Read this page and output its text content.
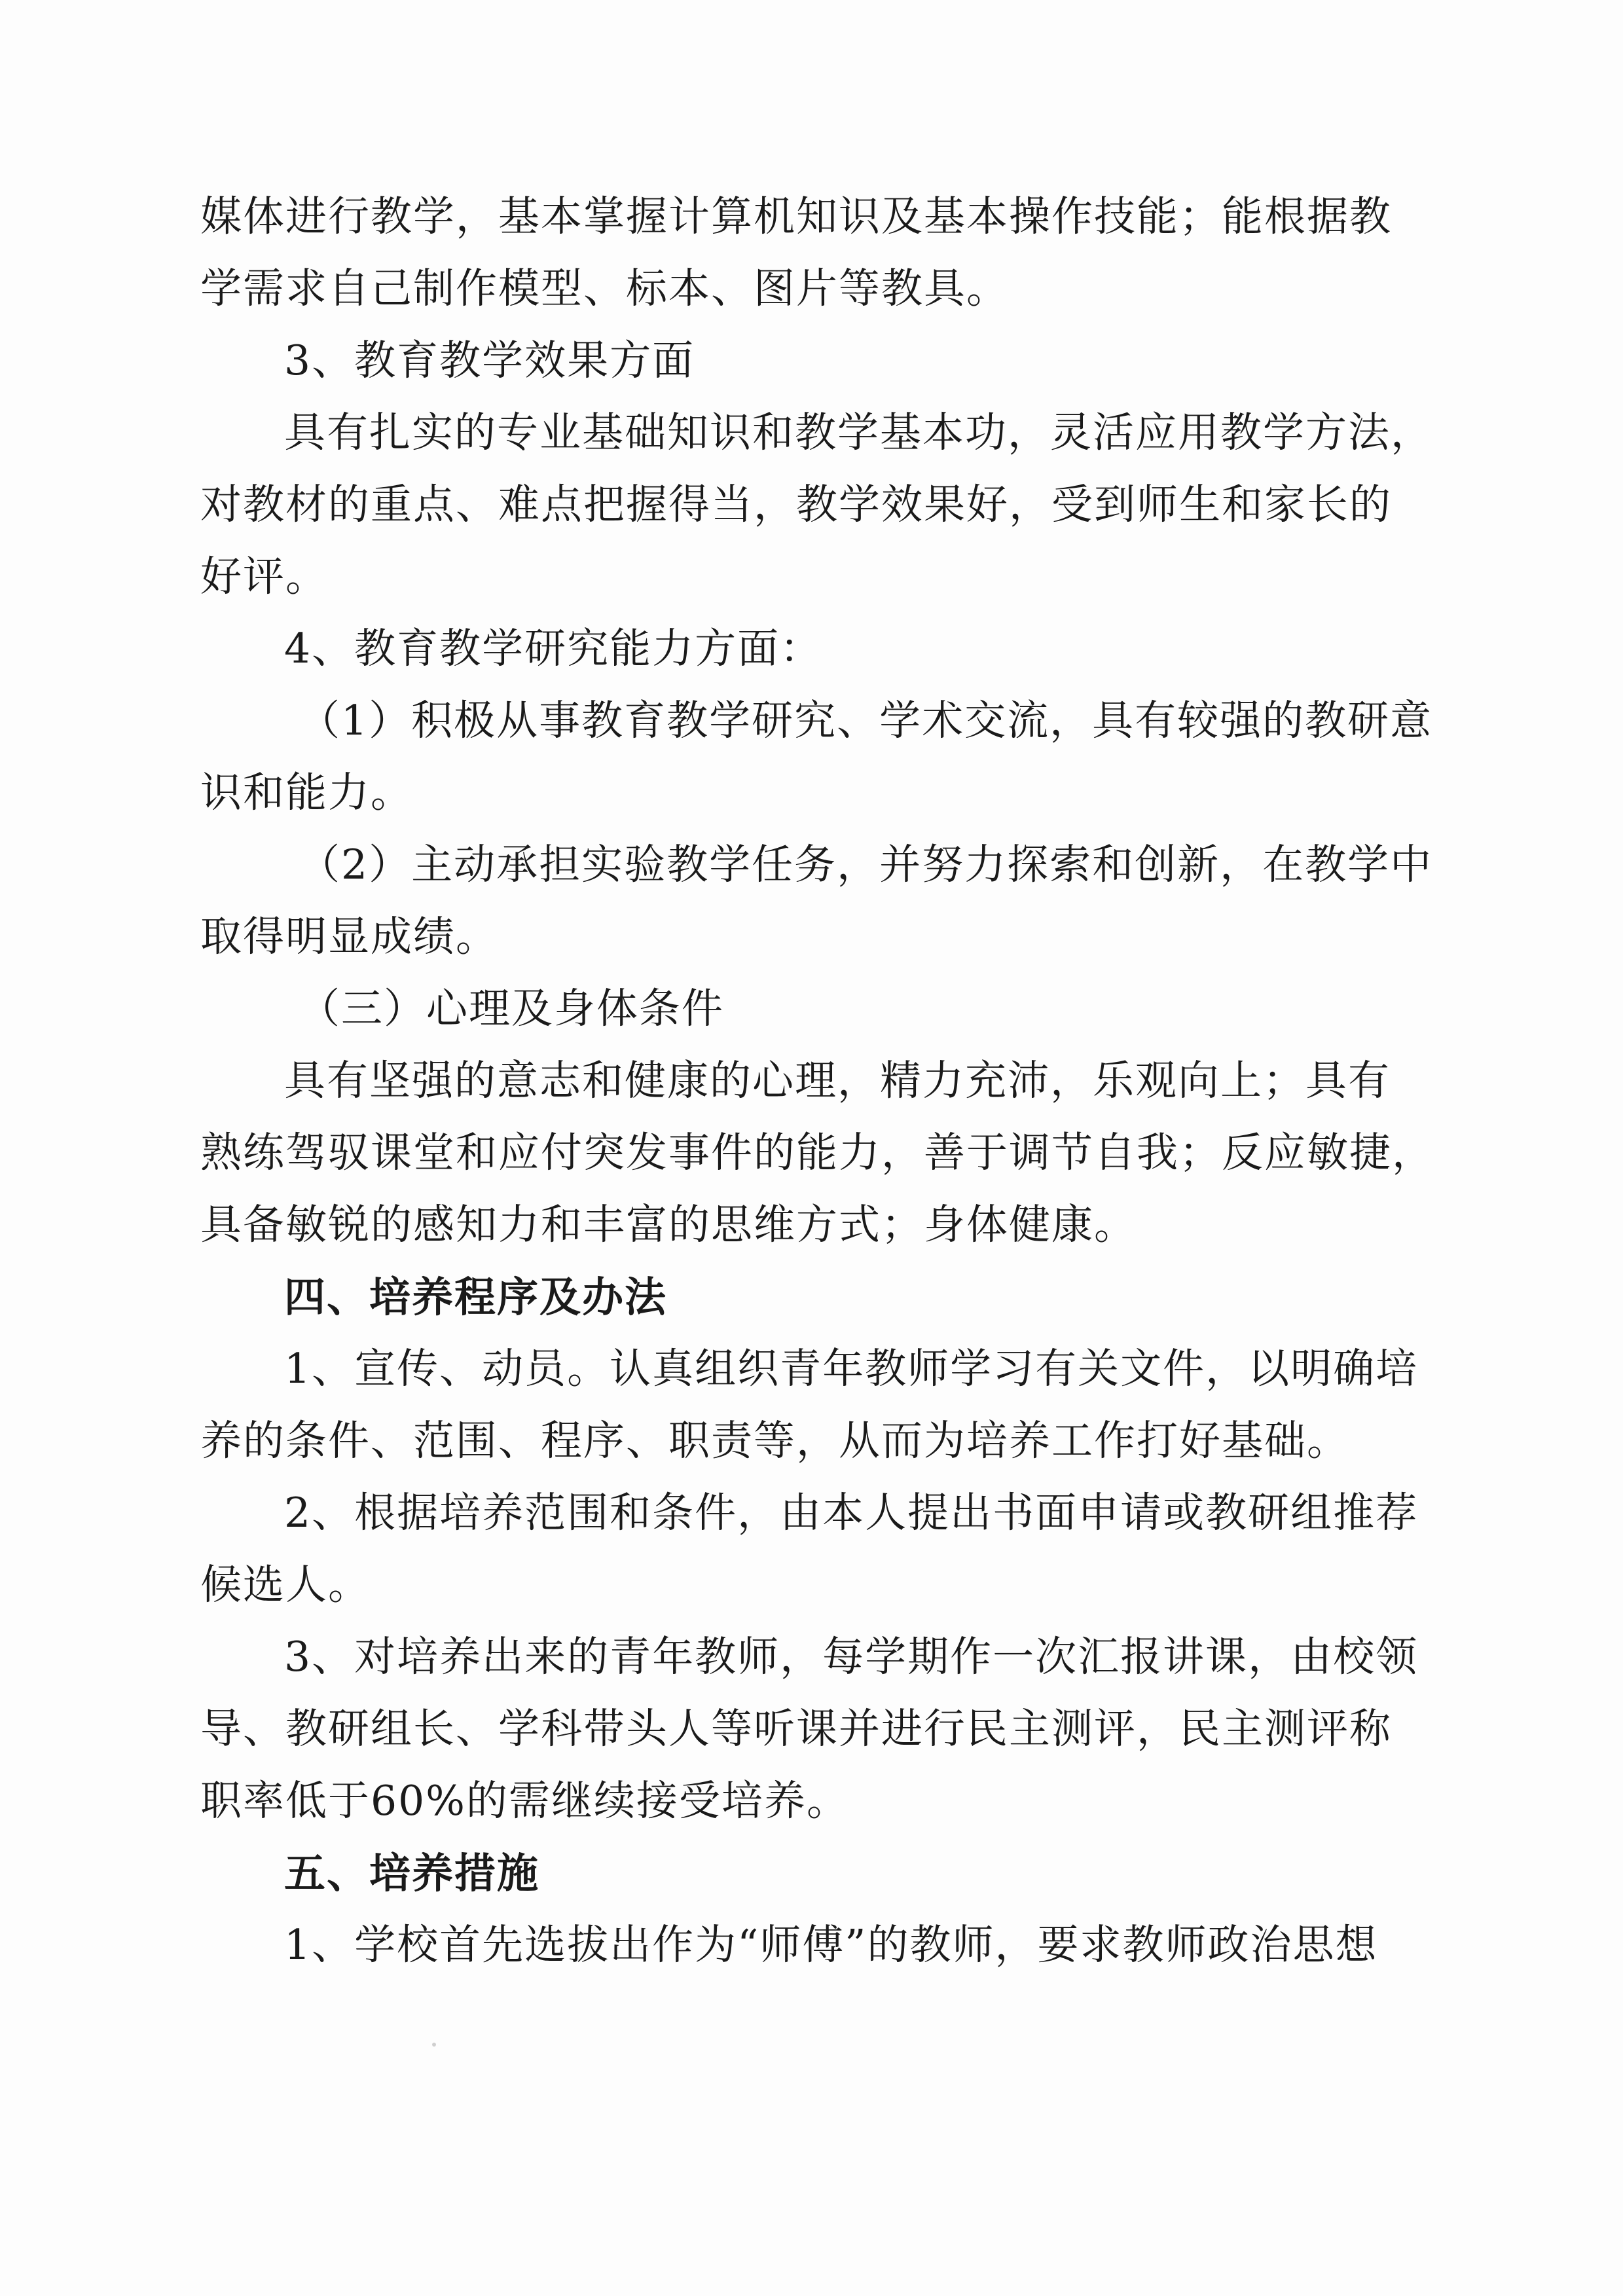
媒体进行教学，基本掌握计算机知识及基本操作技能；能根据教
学需求自己制作模型、标本、图片等教具。
3、教育教学效果方面
具有扎实的专业基础知识和教学基本功，灵活应用教学方法，
对教材的重点、难点把握得当，教学效果好，受到师生和家长的
好评。
4、教育教学研究能力方面：
（1）积极从事教育教学研究、学术交流，具有较强的教研意
识和能力。
（2）主动承担实验教学任务，并努力探索和创新，在教学中
取得明显成绩。
（三）心理及身体条件
具有坚强的意志和健康的心理，精力充沛，乐观向上；具有
熟练驾驭课堂和应付突发事件的能力，善于调节自我；反应敏捷，
具备敏锐的感知力和丰富的思维方式；身体健康。
四、培养程序及办法
1、宣传、动员。认真组织青年教师学习有关文件，以明确培
养的条件、范围、程序、职责等，从而为培养工作打好基础。
2、根据培养范围和条件，由本人提出书面申请或教研组推荐
候选人。
3、对培养出来的青年教师，每学期作一次汇报讲课，由校领
导、教研组长、学科带头人等听课并进行民主测评，民主测评称
职率低于60%的需继续接受培养。
五、培养措施
1、学校首先选拔出作为“师傅”的教师，要求教师政治思想
